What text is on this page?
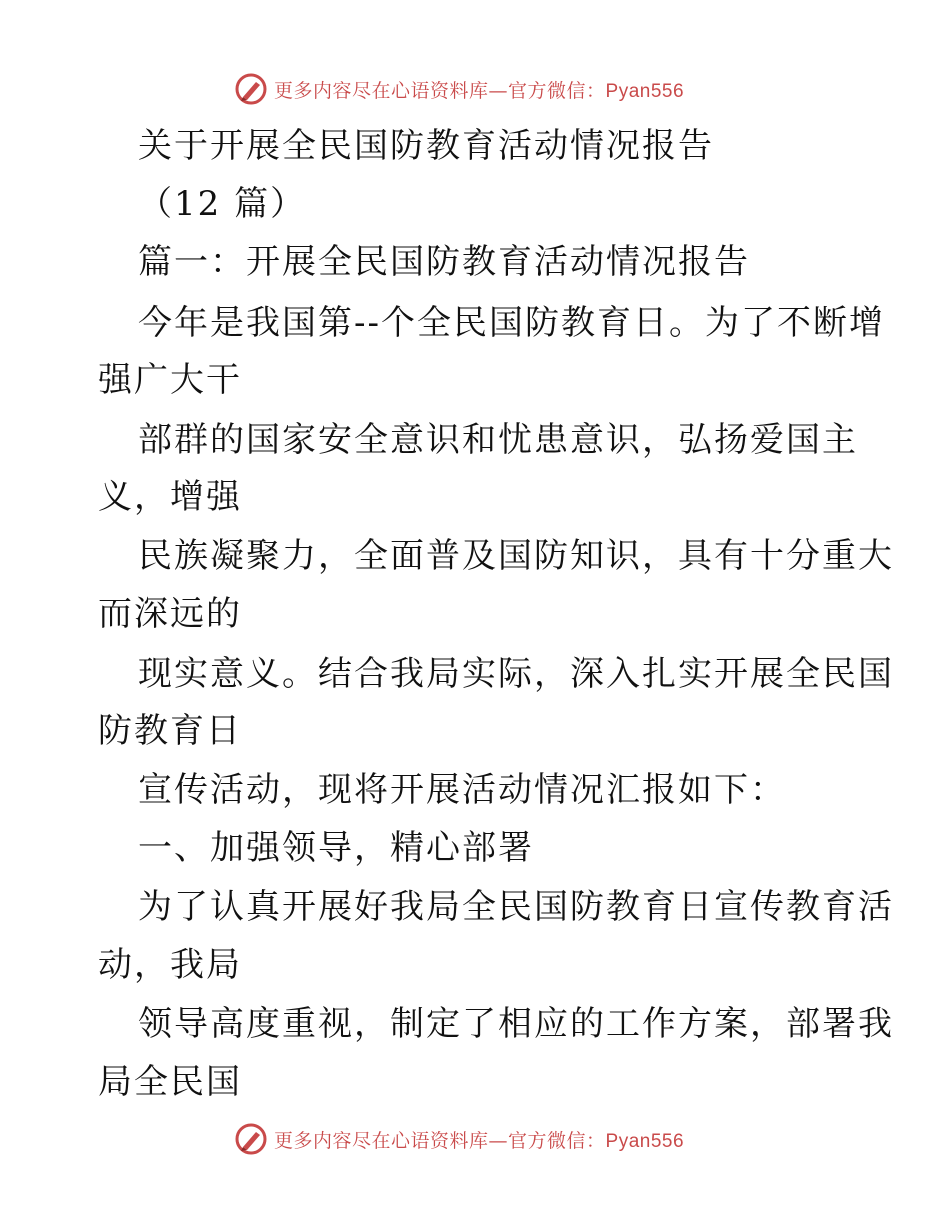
更多内容尽在心语资料库—官方微信：Pyan556
关于开展全民国防教育活动情况报告
（12 篇）
篇一：开展全民国防教育活动情况报告
今年是我国第--个全民国防教育日。为了不断增
强广大干
部群的国家安全意识和忧患意识，弘扬爱国主
义，增强
民族凝聚力，全面普及国防知识，具有十分重大
而深远的
现实意义。结合我局实际，深入扎实开展全民国
防教育日
宣传活动，现将开展活动情况汇报如下：
一、加强领导，精心部署
为了认真开展好我局全民国防教育日宣传教育活
动，我局
领导高度重视，制定了相应的工作方案，部署我
局全民国
更多内容尽在心语资料库—官方微信：Pyan556
